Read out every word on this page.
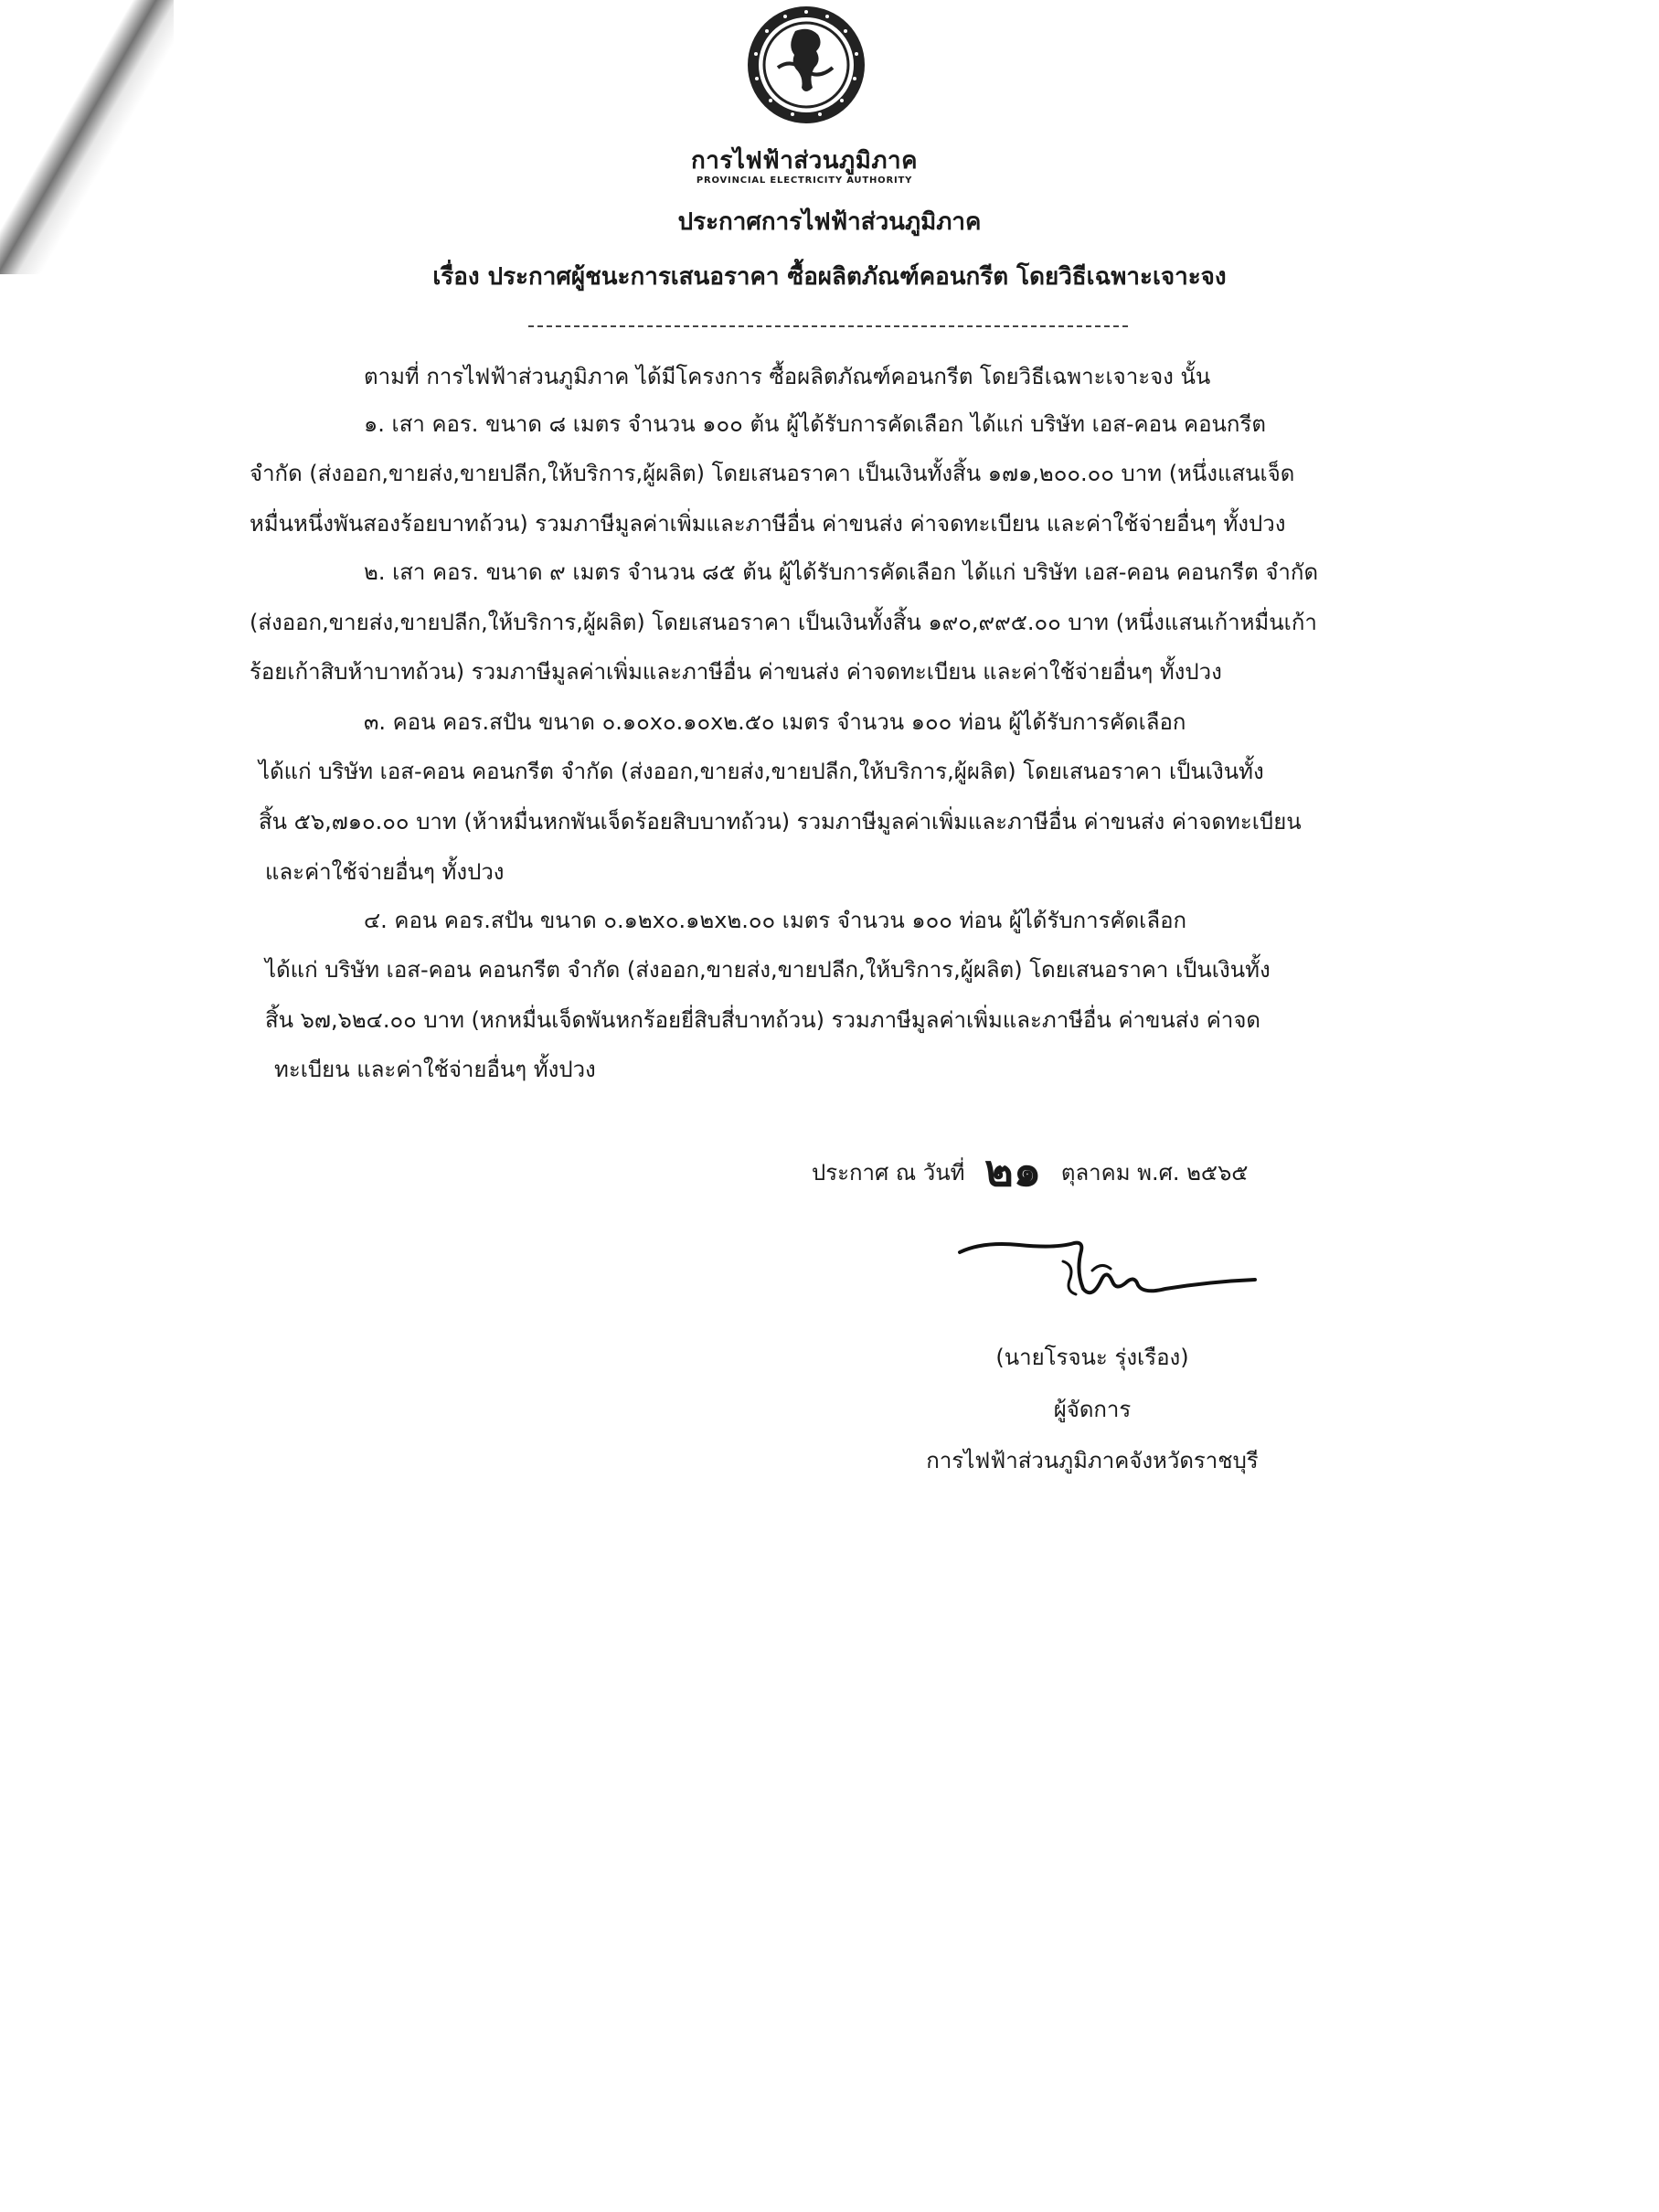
การไฟฟ้าส่วนภูมิภาค
PROVINCIAL ELECTRICITY AUTHORITY
ประกาศการไฟฟ้าส่วนภูมิภาค
เรื่อง ประกาศผู้ชนะการเสนอราคา ซื้อผลิตภัณฑ์คอนกรีต โดยวิธีเฉพาะเจาะจง
ตามที่ การไฟฟ้าส่วนภูมิภาค ได้มีโครงการ ซื้อผลิตภัณฑ์คอนกรีต โดยวิธีเฉพาะเจาะจง นั้น
๑. เสา คอร. ขนาด ๘ เมตร จำนวน ๑๐๐ ต้น ผู้ได้รับการคัดเลือก ได้แก่ บริษัท เอส-คอน คอนกรีต
จำกัด (ส่งออก,ขายส่ง,ขายปลีก,ให้บริการ,ผู้ผลิต) โดยเสนอราคา เป็นเงินทั้งสิ้น ๑๗๑,๒๐๐.๐๐ บาท (หนึ่งแสนเจ็ด
หมื่นหนึ่งพันสองร้อยบาทถ้วน) รวมภาษีมูลค่าเพิ่มและภาษีอื่น ค่าขนส่ง ค่าจดทะเบียน และค่าใช้จ่ายอื่นๆ ทั้งปวง
๒. เสา คอร. ขนาด ๙ เมตร จำนวน ๘๕ ต้น ผู้ได้รับการคัดเลือก ได้แก่ บริษัท เอส-คอน คอนกรีต จำกัด
(ส่งออก,ขายส่ง,ขายปลีก,ให้บริการ,ผู้ผลิต) โดยเสนอราคา เป็นเงินทั้งสิ้น ๑๙๐,๙๙๕.๐๐ บาท (หนึ่งแสนเก้าหมื่นเก้า
ร้อยเก้าสิบห้าบาทถ้วน) รวมภาษีมูลค่าเพิ่มและภาษีอื่น ค่าขนส่ง ค่าจดทะเบียน และค่าใช้จ่ายอื่นๆ ทั้งปวง
๓. คอน คอร.สปัน ขนาด ๐.๑๐x๐.๑๐x๒.๕๐ เมตร จำนวน ๑๐๐ ท่อน ผู้ได้รับการคัดเลือก
ได้แก่ บริษัท เอส-คอน คอนกรีต จำกัด (ส่งออก,ขายส่ง,ขายปลีก,ให้บริการ,ผู้ผลิต) โดยเสนอราคา เป็นเงินทั้ง
สิ้น ๕๖,๗๑๐.๐๐ บาท (ห้าหมื่นหกพันเจ็ดร้อยสิบบาทถ้วน) รวมภาษีมูลค่าเพิ่มและภาษีอื่น ค่าขนส่ง ค่าจดทะเบียน
และค่าใช้จ่ายอื่นๆ ทั้งปวง
๔. คอน คอร.สปัน ขนาด ๐.๑๒x๐.๑๒x๒.๐๐ เมตร จำนวน ๑๐๐ ท่อน ผู้ได้รับการคัดเลือก
ได้แก่ บริษัท เอส-คอน คอนกรีต จำกัด (ส่งออก,ขายส่ง,ขายปลีก,ให้บริการ,ผู้ผลิต) โดยเสนอราคา เป็นเงินทั้ง
สิ้น ๖๗,๖๒๔.๐๐ บาท (หกหมื่นเจ็ดพันหกร้อยยี่สิบสี่บาทถ้วน) รวมภาษีมูลค่าเพิ่มและภาษีอื่น ค่าขนส่ง ค่าจด
ทะเบียน และค่าใช้จ่ายอื่นๆ ทั้งปวง
ประกาศ ณ วันที่ ๒๑ ตุลาคม พ.ศ. ๒๕๖๕
(นายโรจนะ รุ่งเรือง)
ผู้จัดการ
การไฟฟ้าส่วนภูมิภาคจังหวัดราชบุรี
